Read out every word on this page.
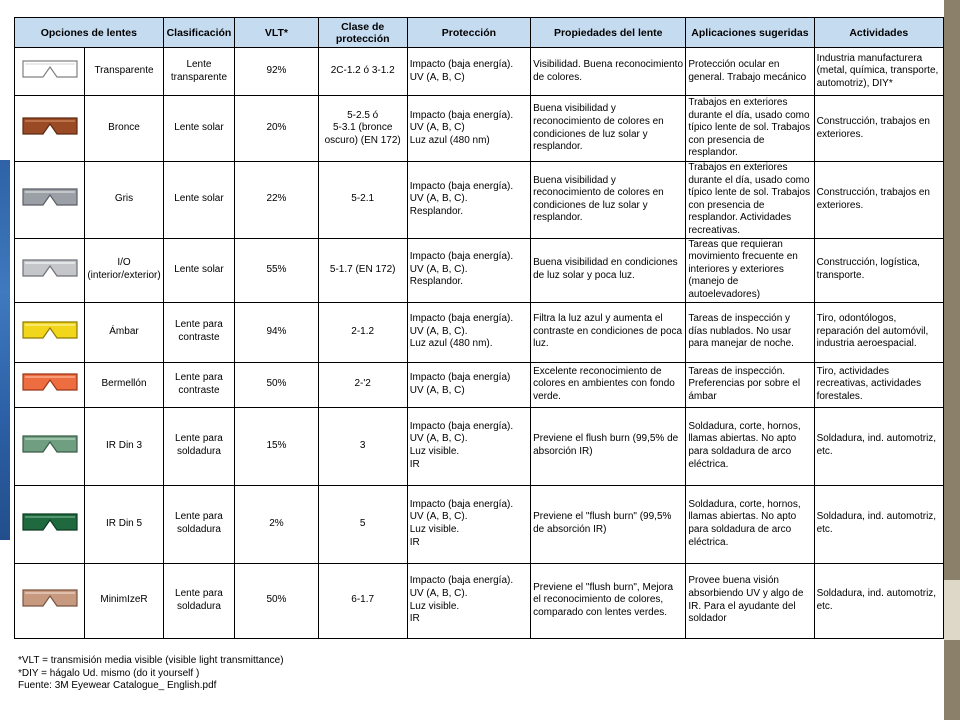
Opciones de lentes		Clasificación	VLT*	Clase de protección	Protección	Propiedades del lente	Aplicaciones sugeridas	Actividades
	Transparente	Lente transparente	92%	2C-1.2 ó 3-1.2	Impacto (baja energía).
UV (A, B, C)	Visibilidad. Buena reconocimiento de colores.	Protección ocular en general. Trabajo mecánico	Industria manufacturera (metal, química, transporte, automotriz), DIY*
	Bronce	Lente solar	20%	5-2.5 ó
5-3.1 (bronce oscuro) (EN 172)	Impacto (baja energía).
UV (A, B, C)
Luz azul (480 nm)	Buena visibilidad y reconocimiento de colores en condiciones de luz solar y resplandor.	Trabajos en exteriores durante el día, usado como típico lente de sol. Trabajos con presencia de resplandor.	Construcción, trabajos en exteriores.
	Gris	Lente solar	22%	5-2.1	Impacto (baja energía).
UV (A, B, C).
Resplandor.	Buena visibilidad y reconocimiento de colores en condiciones de luz solar y resplandor.	Trabajos en exteriores durante el día, usado como típico lente de sol. Trabajos con presencia de resplandor. Actividades recreativas.	Construcción, trabajos en exteriores.
	I/O (interior/exterior)	Lente solar	55%	5-1.7 (EN 172)	Impacto (baja energía).
UV (A, B, C).
Resplandor.	Buena visibilidad en condiciones de luz solar y poca luz.	Tareas que requieran movimiento frecuente en interiores y exteriores (manejo de autoelevadores)	Construcción, logística, transporte.
	Ámbar	Lente para contraste	94%	2-1.2	Impacto (baja energía).
UV (A, B, C).
Luz azul (480 nm).	Filtra la luz azul y aumenta el contraste en condiciones de poca luz.	Tareas de inspección y días nublados. No usar para manejar de noche.	Tiro, odontólogos, reparación del automóvil, industria aeroespacial.
	Bermellón	Lente para contraste	50%	2-'2	Impacto (baja energía)
UV (A, B, C)	Excelente reconocimiento de colores en ambientes con fondo verde.	Tareas de inspección.
Preferencias por sobre el ámbar	Tiro, actividades recreativas, actividades forestales.
	IR Din 3	Lente para soldadura	15%	3	Impacto (baja energía).
UV (A, B, C).
Luz visible.
IR	Previene el flush burn (99,5% de absorción IR)	Soldadura, corte, hornos, llamas abiertas. No apto para soldadura de arco eléctrica.	Soldadura, ind. automotriz, etc.
	IR Din 5	Lente para soldadura	2%	5	Impacto (baja energía).
UV (A, B, C).
Luz visible.
IR	Previene el "flush burn" (99,5% de absorción IR)	Soldadura, corte, hornos, llamas abiertas. No apto para soldadura de arco eléctrica.	Soldadura, ind. automotriz, etc.
	MinimIzeR	Lente para soldadura	50%	6-1.7	Impacto (baja energía).
UV (A, B, C).
Luz visible.
IR	Previene el "flush burn", Mejora el reconocimiento de colores, comparado con lentes verdes.	Provee buena visión absorbiendo UV y algo de IR. Para el ayudante del soldador	Soldadura, ind. automotriz, etc.
*VLT = transmisión media visible (visible light transmittance)
*DIY = hágalo Ud. mismo (do it yourself )
Fuente: 3M Eyewear Catalogue_ English.pdf
